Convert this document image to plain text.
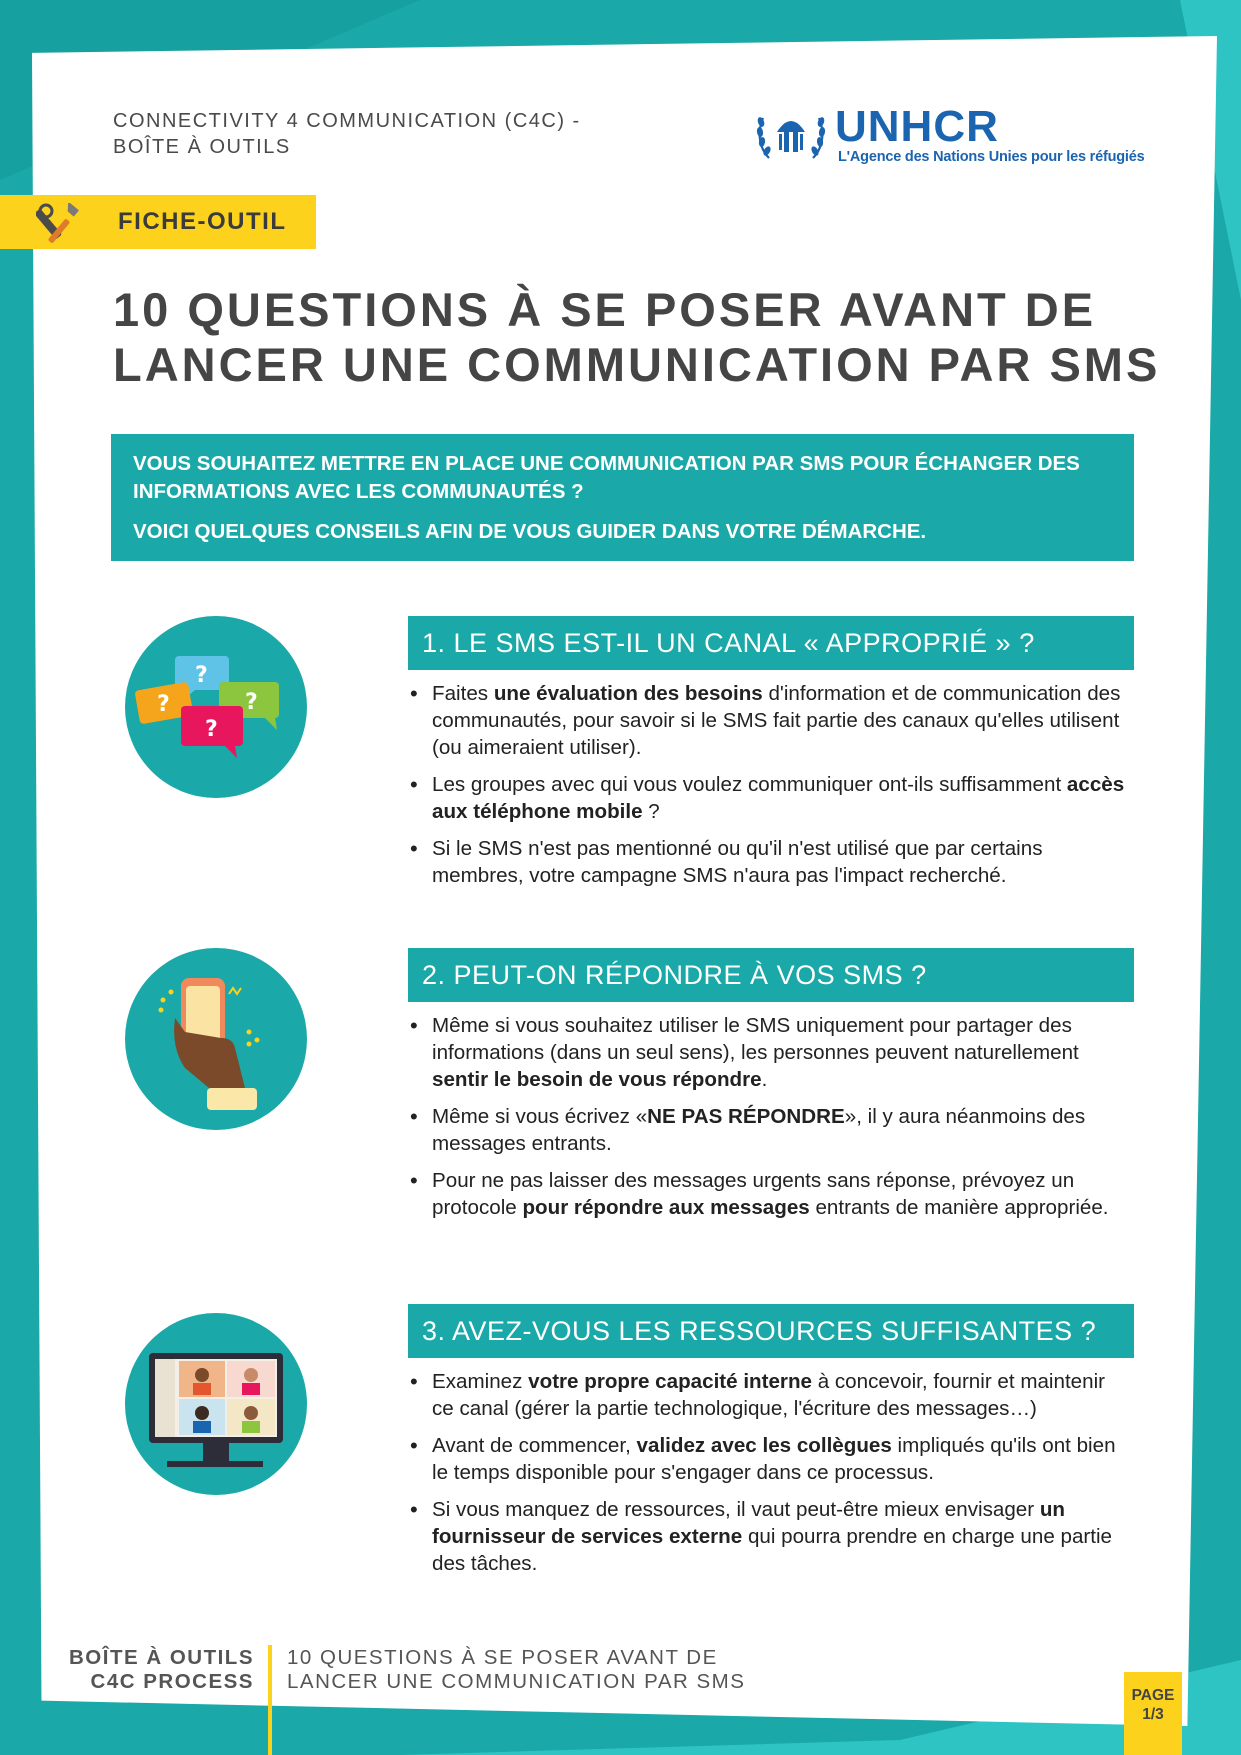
CONNECTIVITY 4 COMMUNICATION (C4C) -
BOÎTE À OUTILS	UNHCR
L'Agence des Nations Unies pour les réfugiés
FICHE-OUTIL
10 QUESTIONS À SE POSER AVANT DE
LANCER UNE COMMUNICATION PAR SMS

VOUS SOUHAITEZ METTRE EN PLACE UNE COMMUNICATION PAR SMS POUR ÉCHANGER DES INFORMATIONS AVEC LES COMMUNAUTÉS ?

VOICI QUELQUES CONSEILS AFIN DE VOUS GUIDER DANS VOTRE DÉMARCHE.

?
?	?
?
1. LE SMS EST-IL UN CANAL « APPROPRIÉ » ?
• Faites une évaluation des besoins d'information et de communication des communautés, pour savoir si le SMS fait partie des canaux qu'elles utilisent (ou aimeraient utiliser).
• Les groupes avec qui vous voulez communiquer ont-ils suffisamment accès aux téléphone mobile ?
• Si le SMS n'est pas mentionné ou qu'il n'est utilisé que par certains membres, votre campagne SMS n'aura pas l'impact recherché.
2. PEUT-ON RÉPONDRE À VOS SMS ?
• Même si vous souhaitez utiliser le SMS uniquement pour partager des informations (dans un seul sens), les personnes peuvent naturellement sentir le besoin de vous répondre.
• Même si vous écrivez «NE PAS RÉPONDRE», il y aura néanmoins des messages entrants.
• Pour ne pas laisser des messages urgents sans réponse, prévoyez un protocole pour répondre aux messages entrants de manière appropriée.
3. AVEZ-VOUS LES RESSOURCES SUFFISANTES ?
• Examinez votre propre capacité interne à concevoir, fournir et maintenir ce canal (gérer la partie technologique, l'écriture des messages…)
• Avant de commencer, validez avec les collègues impliqués qu'ils ont bien le temps disponible pour s'engager dans ce processus.
• Si vous manquez de ressources, il vaut peut-être mieux envisager un fournisseur de services externe qui pourra prendre en charge une partie des tâches.
BOÎTE À OUTILS
C4C PROCESS
10 QUESTIONS À SE POSER AVANT DE
LANCER UNE COMMUNICATION PAR SMS
PAGE
1/3
